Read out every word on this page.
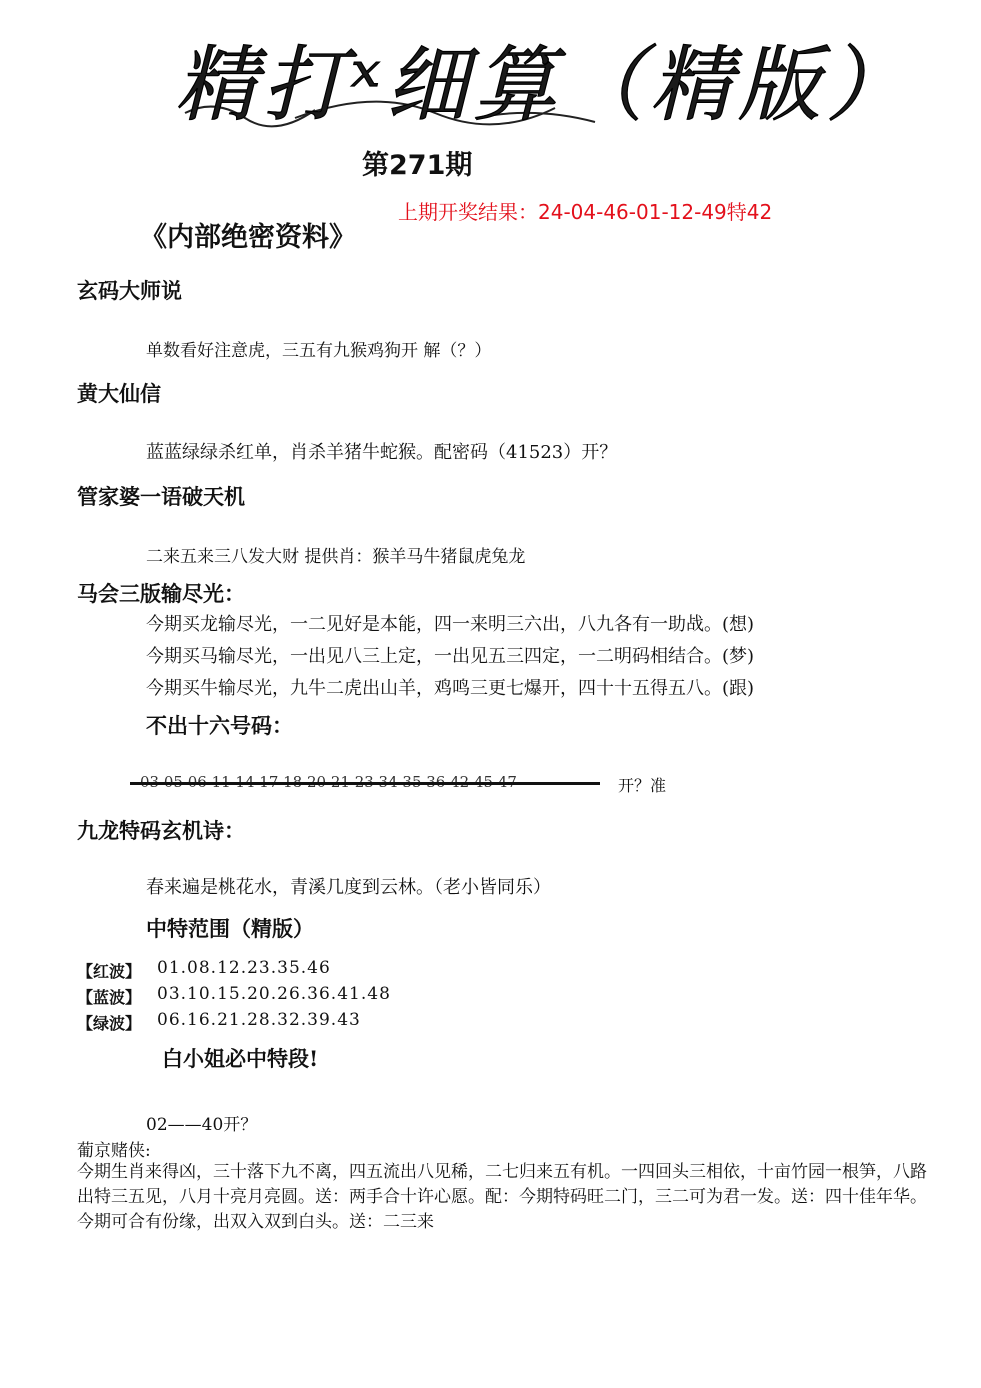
精打ˣ细算（精版）
第271期
上期开奖结果：24-04-46-01-12-49特42
《内部绝密资料》
玄码大师说
单数看好注意虎，三五有九猴鸡狗开 解（？）
黄大仙信
蓝蓝绿绿杀红单，肖杀羊猪牛蛇猴。配密码（41523）开？
管家婆一语破天机
二来五来三八发大财 提供肖：猴羊马牛猪鼠虎兔龙
马会三版输尽光：
今期买龙输尽光，一二见好是本能，四一来明三六出，八九各有一助战。(想)
今期买马输尽光，一出见八三上定，一出见五三四定，一二明码相结合。(梦)
今期买牛输尽光，九牛二虎出山羊，鸡鸣三更七爆开，四十十五得五八。(跟)
不出十六号码：
开？准
九龙特码玄机诗：
春来遍是桃花水，青溪几度到云林。（老小皆同乐）
中特范围（精版）
【红波】 01.08.12.23.35.46
【蓝波】 03.10.15.20.26.36.41.48
【绿波】 06.16.21.28.32.39.43
白小姐必中特段!
02——40开？
葡京赌侠:
今期生肖来得凶，三十落下九不离，四五流出八见稀，二七归来五有机。一四回头三相依，十亩竹园一根笋，八路出特三五见，八月十亮月亮圆。送：两手合十许心愿。配：今期特码旺二门，三二可为君一发。送：四十佳年华。今期可合有份缘，出双入双到白头。送：二三来
